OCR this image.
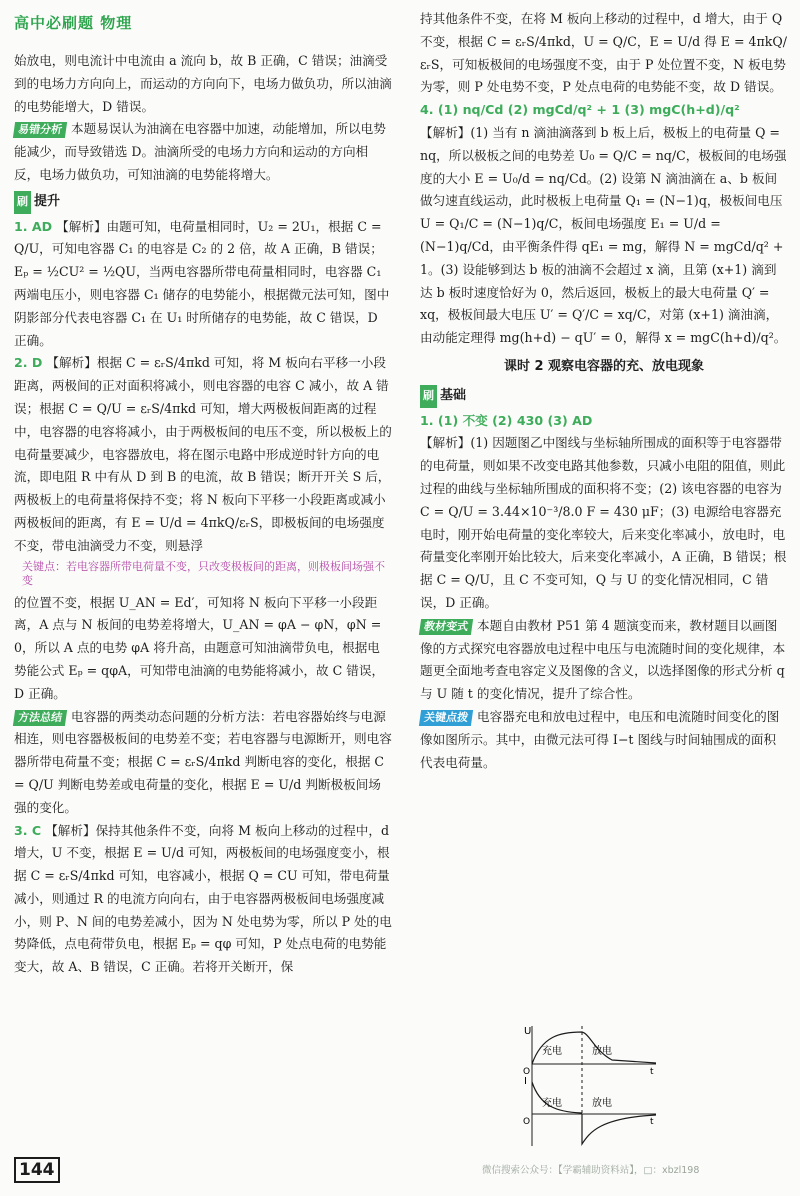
高中必刷题 物理

始放电，则电流计中电流由 a 流向 b，故 B 正确，C 错误；油滴受到的电场力方向向上，而运动的方向向下，电场力做负功，所以油滴的电势能增大，D 错误。

易错分析 本题易误认为油滴在电容器中加速，动能增加，所以电势能减少，而导致错选 D。油滴所受的电场力方向和运动的方向相反，电场力做负功，可知油滴的电势能将增大。

刷 提升

1. AD 【解析】由题可知，电荷量相同时，U₂ = 2U₁，根据 C = Q/U，可知电容器 C₁ 的电容是 C₂ 的 2 倍，故 A 正确，B 错误；Eₚ = ½CU² = ½QU，当两电容器所带电荷量相同时，电容器 C₁ 两端电压小，则电容器 C₁ 储存的电势能小，根据微元法可知，图中阴影部分代表电容器 C₁ 在 U₁ 时所储存的电势能，故 C 错误，D 正确。

2. D 【解析】根据 C = εᵣS/4πkd 可知，将 M 板向右平移一小段距离，两极间的正对面积将减小，则电容器的电容 C 减小，故 A 错误；根据 C = Q/U = εᵣS/4πkd 可知，增大两极板间距离的过程中，电容器的电容将减小，由于两极板间的电压不变，所以极板上的电荷量要减少，电容器放电，将在图示电路中形成逆时针方向的电流，即电阻 R 中有从 D 到 B 的电流，故 B 错误；断开开关 S 后，两极板上的电荷量将保持不变；将 N 板向下平移一小段距离或减小两极板间的距离，有 E = U/d = 4πkQ/εᵣS，即极板间的电场强度不变，带电油滴受力不变，则悬浮

关键点：若电容器所带电荷量不变，只改变极板间的距离，则极板间场强不变

的位置不变，根据 U_AN = Ed′，可知将 N 板向下平移一小段距离，A 点与 N 板间的电势差将增大，U_AN = φA − φN，φN = 0，所以 A 点的电势 φA 将升高，由题意可知油滴带负电，根据电势能公式 Eₚ = qφA，可知带电油滴的电势能将减小，故 C 错误，D 正确。

方法总结 电容器的两类动态问题的分析方法：若电容器始终与电源相连，则电容器极板间的电势差不变；若电容器与电源断开，则电容器所带电荷量不变；根据 C = εᵣS/4πkd 判断电容的变化，根据 C = Q/U 判断电势差或电荷量的变化，根据 E = U/d 判断极板间场强的变化。

3. C 【解析】保持其他条件不变，向将 M 板向上移动的过程中，d 增大，U 不变，根据 E = U/d 可知，两极板间的电场强度变小，根据 C = εᵣS/4πkd 可知，电容减小，根据 Q = CU 可知，带电荷量减小，则通过 R 的电流方向向右，由于电容器两极板间电场强度减小，则 P、N 间的电势差减小，因为 N 处电势为零，所以 P 处的电势降低，点电荷带负电，根据 Eₚ = qφ 可知，P 处点电荷的电势能变大，故 A、B 错误，C 正确。若将开关断开，保

持其他条件不变，在将 M 板向上移动的过程中，d 增大，由于 Q 不变，根据 C = εᵣS/4πkd，U = Q/C，E = U/d 得 E = 4πkQ/εᵣS，可知板极间的电场强度不变，由于 P 处位置不变，N 板电势为零，则 P 处电势不变，P 处点电荷的电势能不变，故 D 错误。

4. (1) nq/Cd (2) mgCd/q² + 1 (3) mgC(h+d)/q²
【解析】(1) 当有 n 滴油滴落到 b 板上后，极板上的电荷量 Q = nq，所以极板之间的电势差 U₀ = Q/C = nq/C，极板间的电场强度的大小 E = U₀/d = nq/Cd。(2) 设第 N 滴油滴在 a、b 板间做匀速直线运动，此时极板上电荷量 Q₁ = (N−1)q，极板间电压 U = Q₁/C = (N−1)q/C，板间电场强度 E₁ = U/d = (N−1)q/Cd，由平衡条件得 qE₁ = mg，解得 N = mgCd/q² + 1。(3) 设能够到达 b 板的油滴不会超过 x 滴，且第 (x+1) 滴到达 b 板时速度恰好为 0，然后返回，极板上的最大电荷量 Q′ = xq，极板间最大电压 U′ = Q′/C = xq/C，对第 (x+1) 滴油滴，由动能定理得 mg(h+d) − qU′ = 0，解得 x = mgC(h+d)/q²。

课时 2 观察电容器的充、放电现象
刷 基础

1. (1) 不变 (2) 430 (3) AD
【解析】(1) 因题图乙中图线与坐标轴所围成的面积等于电容器带的电荷量，则如果不改变电路其他参数，只减小电阻的阻值，则此过程的曲线与坐标轴所围成的面积将不变；(2) 该电容器的电容为 C = Q/U = 3.44×10⁻³/8.0 F = 430 μF；(3) 电源给电容器充电时，刚开始电荷量的变化率较大，后来变化率减小，放电时，电荷量变化率刚开始比较大，后来变化率减小，A 正确，B 错误；根据 C = Q/U，且 C 不变可知，Q 与 U 的变化情况相同，C 错误，D 正确。

教材变式 本题自由教材 P51 第 4 题演变而来，教材题目以画图像的方式探究电容器放电过程中电压与电流随时间的变化规律，本题更全面地考查电容定义及图像的含义，以选择图像的形式分析 q 与 U 随 t 的变化情况，提升了综合性。

关键点拨 电容器充电和放电过程中，电压和电流随时间变化的图像如图所示。其中，由微元法可得 I−t 图线与时间轴围成的面积代表电荷量。

U
I
O
O
t
t
充电	放电
充电	放电
144	微信搜索公众号：【学霸辅助资料站】，□：xbzl198
